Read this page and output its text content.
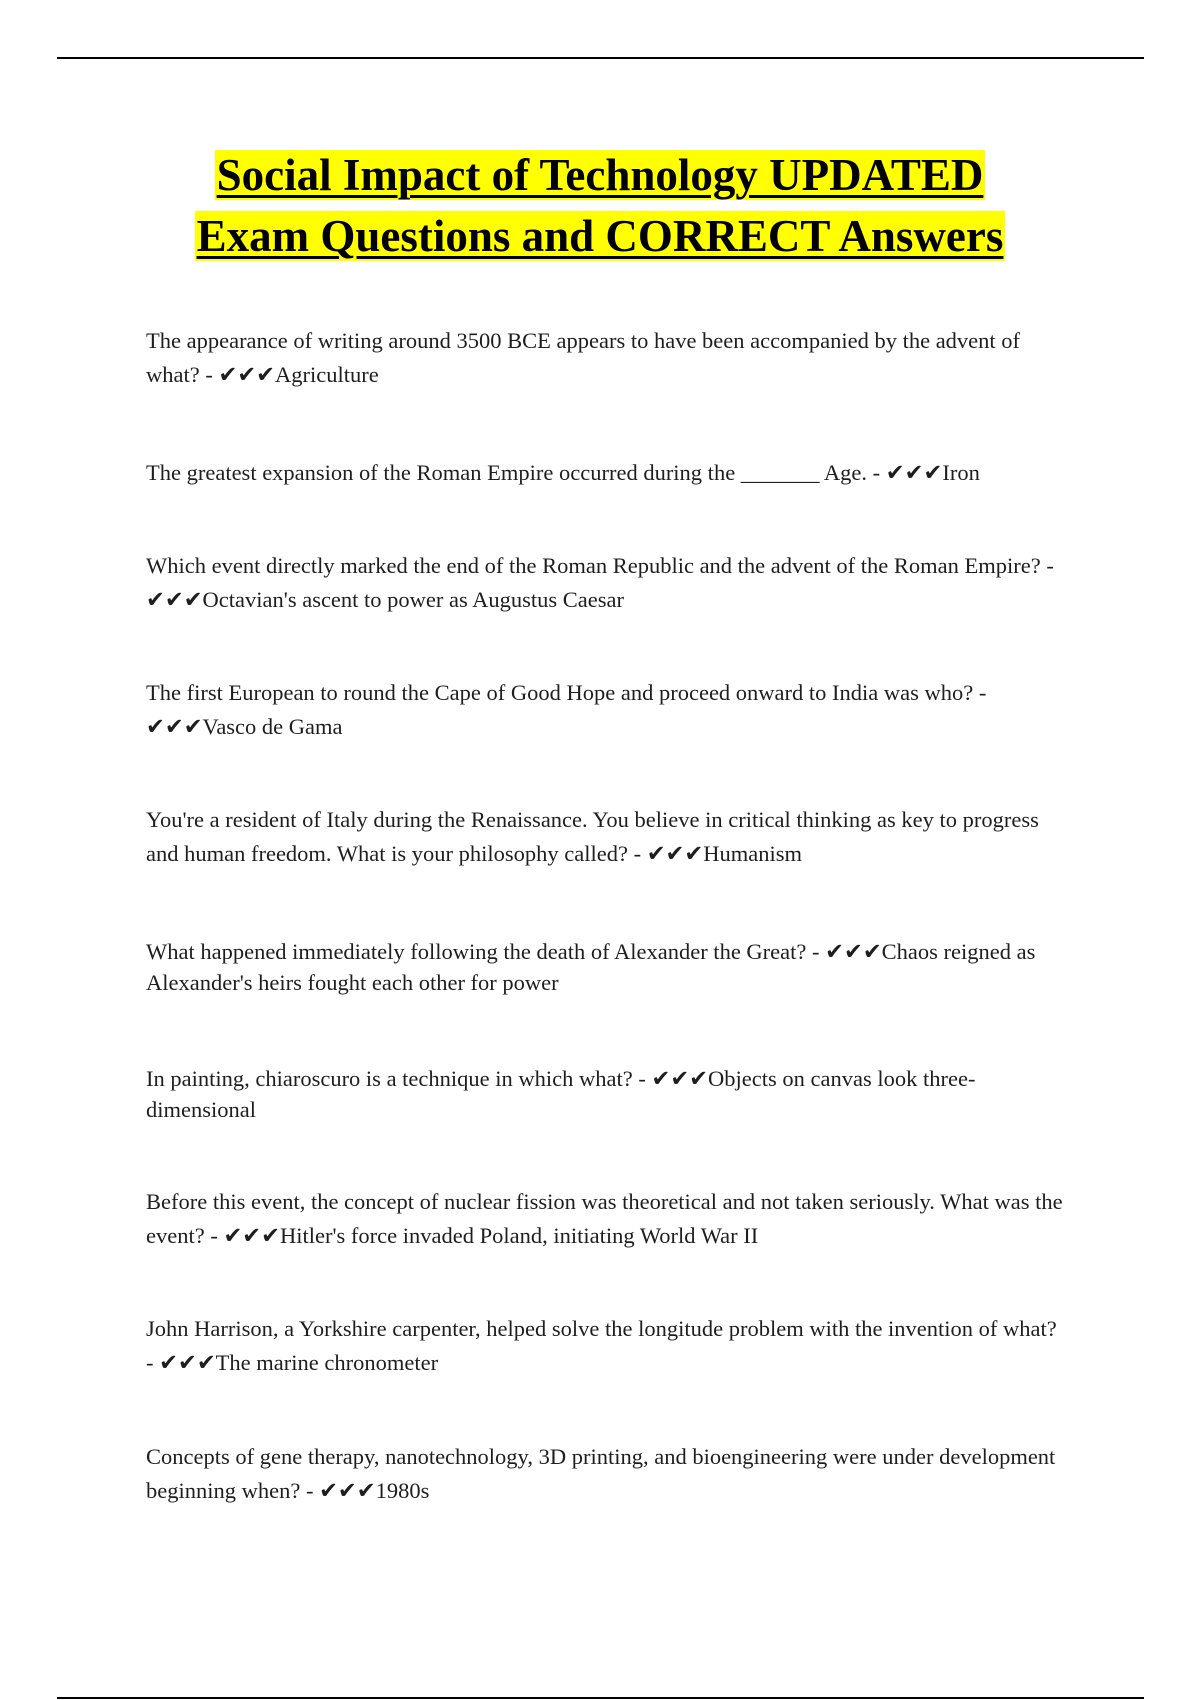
Social Impact of Technology UPDATED
Exam Questions and CORRECT Answers

The appearance of writing around 3500 BCE appears to have been accompanied by the advent of what? - ✔✔✔Agriculture

The greatest expansion of the Roman Empire occurred during the _______ Age. - ✔✔✔Iron

Which event directly marked the end of the Roman Republic and the advent of the Roman Empire? - ✔✔✔Octavian's ascent to power as Augustus Caesar

The first European to round the Cape of Good Hope and proceed onward to India was who? - ✔✔✔Vasco de Gama

You're a resident of Italy during the Renaissance. You believe in critical thinking as key to progress and human freedom. What is your philosophy called? - ✔✔✔Humanism

What happened immediately following the death of Alexander the Great? - ✔✔✔Chaos reigned as Alexander's heirs fought each other for power

In painting, chiaroscuro is a technique in which what? - ✔✔✔Objects on canvas look three-dimensional

Before this event, the concept of nuclear fission was theoretical and not taken seriously. What was the event? - ✔✔✔Hitler's force invaded Poland, initiating World War II

John Harrison, a Yorkshire carpenter, helped solve the longitude problem with the invention of what? - ✔✔✔The marine chronometer

Concepts of gene therapy, nanotechnology, 3D printing, and bioengineering were under development beginning when? - ✔✔✔1980s
